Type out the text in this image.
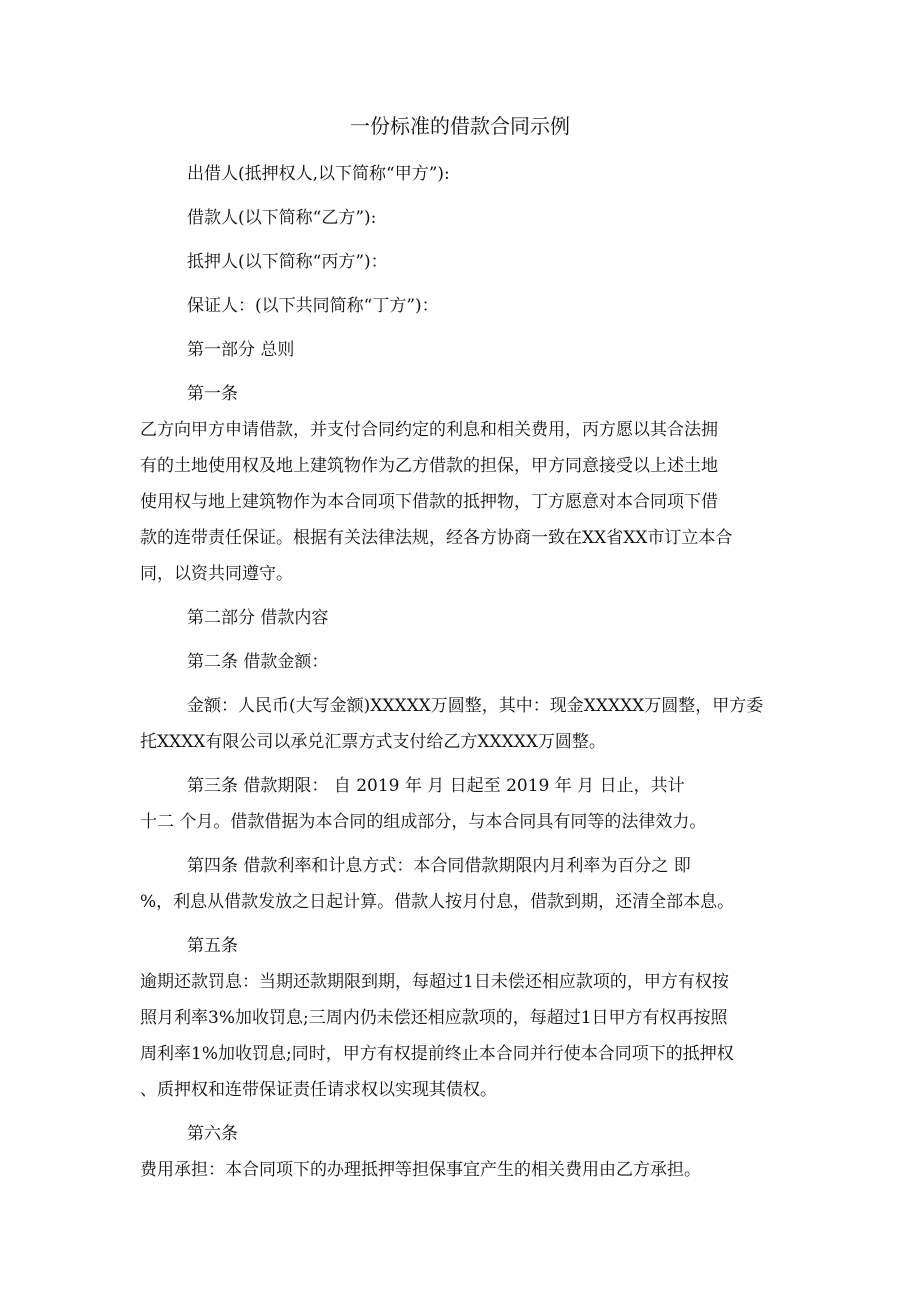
一份标准的借款合同示例
出借人(抵押权人,以下简称“甲方”):
借款人(以下简称“乙方”):
抵押人(以下简称“丙方”)：
保证人：(以下共同简称“丁方”)：
第一部分 总则
第一条
乙方向甲方申请借款，并支付合同约定的利息和相关费用，丙方愿以其合法拥
有的土地使用权及地上建筑物作为乙方借款的担保，甲方同意接受以上述土地
使用权与地上建筑物作为本合同项下借款的抵押物，丁方愿意对本合同项下借
款的连带责任保证。根据有关法律法规，经各方协商一致在XX省XX市订立本合
同，以资共同遵守。
第二部分 借款内容
第二条 借款金额：
金额：人民币(大写金额)XXXXX万圆整，其中：现金XXXXX万圆整，甲方委
托XXXX有限公司以承兑汇票方式支付给乙方XXXXX万圆整。
第三条 借款期限： 自 2019 年 月 日起至 2019 年 月 日止，共计
十二 个月。借款借据为本合同的组成部分，与本合同具有同等的法律效力。
第四条 借款利率和计息方式：本合同借款期限内月利率为百分之 即
%，利息从借款发放之日起计算。借款人按月付息，借款到期，还清全部本息。
第五条
逾期还款罚息：当期还款期限到期，每超过1日未偿还相应款项的，甲方有权按
照月利率3%加收罚息;三周内仍未偿还相应款项的，每超过1日甲方有权再按照
周利率1%加收罚息;同时，甲方有权提前终止本合同并行使本合同项下的抵押权
、质押权和连带保证责任请求权以实现其债权。
第六条
费用承担：本合同项下的办理抵押等担保事宜产生的相关费用由乙方承担。
